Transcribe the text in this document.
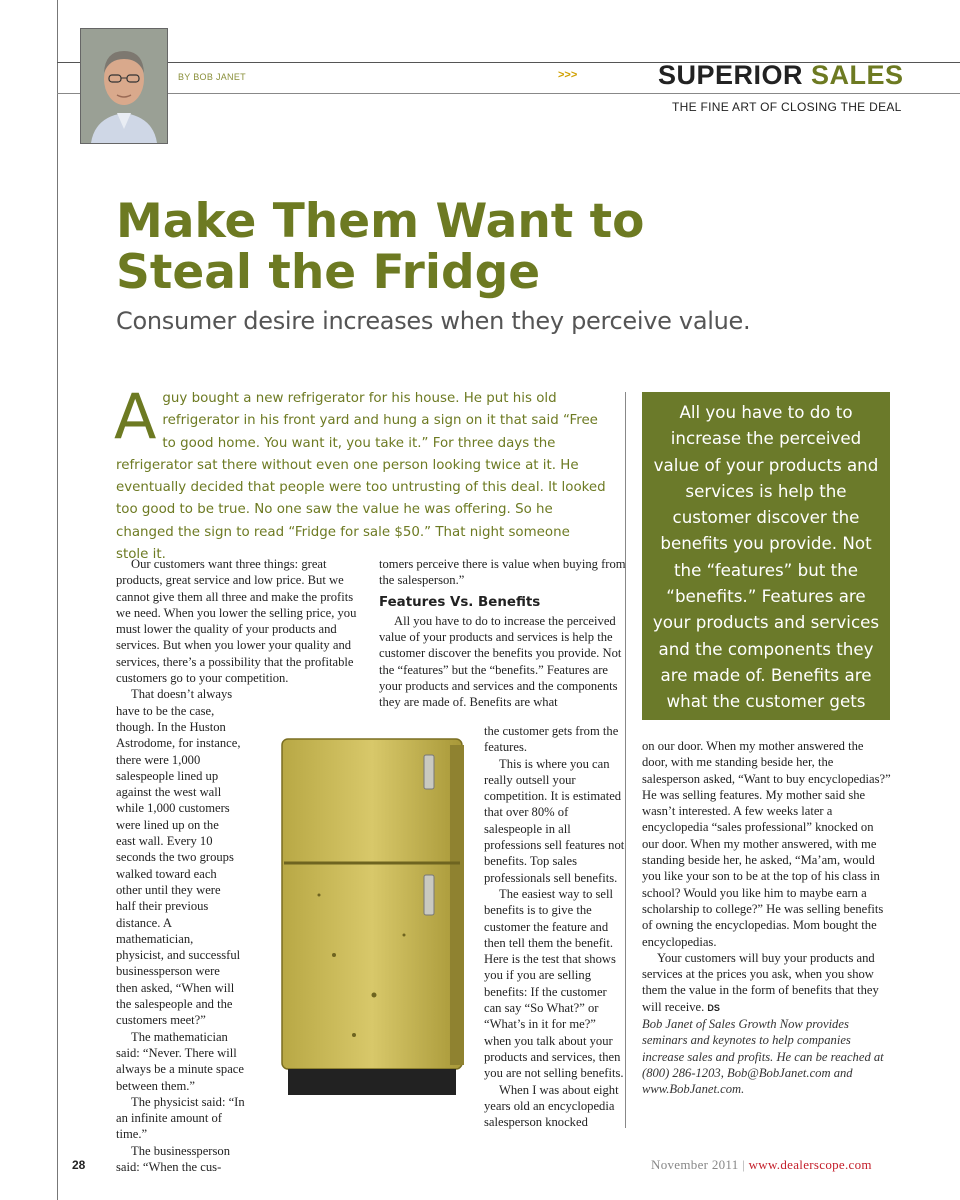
BY BOB JANET	>>>	SUPERIOR SALES
THE FINE ART OF CLOSING THE DEAL
Make Them Want to
Steal the Fridge
Consumer desire increases when they perceive value.
A guy bought a new refrigerator for his house. He put his old refrigerator in his front yard and hung a sign on it that said “Free to good home. You want it, you take it.” For three days the refrigerator sat there without even one person looking twice at it. He eventually decided that people were too untrusting of this deal. It looked too good to be true. No one saw the value he was offering. So he changed the sign to read “Fridge for sale $50.” That night someone stole it.
All you have to do to increase the perceived value of your products and services is help the customer discover the benefits you provide. Not the “features” but the “benefits.” Features are your products and services and the components they are made of. Benefits are what the customer gets from the features.

Our customers want three things: great products, great service and low price. But we cannot give them all three and make the profits we need. When you lower the selling price, you must lower the quality of your products and services. But when you lower your quality and services, there’s a possibility that the profitable customers go to your competition.

That doesn’t always have to be the case, though. In the Huston Astrodome, for instance, there were 1,000 salespeople lined up against the west wall while 1,000 customers were lined up on the east wall. Every 10 seconds the two groups walked toward each other until they were half their previous distance. A mathematician, physicist, and successful businessperson were then asked, “When will the salespeople and the customers meet?”

The mathematician said: “Never. There will always be a minute space between them.”

The physicist said: “In an infinite amount of time.”

The businessperson said: “When the cus-

tomers perceive there is value when buying from the salesperson.”

Features Vs. Benefits

All you have to do to increase the perceived value of your products and services is help the customer discover the benefits you provide. Not the “features” but the “benefits.” Features are your products and services and the components they are made of. Benefits are what

the customer gets from the features.

This is where you can really outsell your competition. It is estimated that over 80% of salespeople in all professions sell features not benefits. Top sales professionals sell benefits.

The easiest way to sell benefits is to give the customer the feature and then tell them the benefit. Here is the test that shows you if you are selling benefits: If the customer can say “So What?” or “What’s in it for me?” when you talk about your products and services, then you are not selling benefits.

When I was about eight years old an encyclopedia salesperson knocked

on our door. When my mother answered the door, with me standing beside her, the salesperson asked, “Want to buy encyclopedias?” He was selling features. My mother said she wasn’t interested. A few weeks later a encyclopedia “sales professional” knocked on our door. When my mother answered, with me standing beside her, he asked, “Ma’am, would you like your son to be at the top of his class in school? Would you like him to maybe earn a scholarship to college?” He was selling benefits of owning the encyclopedias. Mom bought the encyclopedias.

Your customers will buy your products and services at the prices you ask, when you show them the value in the form of benefits that they will receive. DS

Bob Janet of Sales Growth Now provides seminars and keynotes to help companies increase sales and profits. He can be reached at (800) 286-1203, Bob@BobJanet.com and www.BobJanet.com.

28	November 2011 | www.dealerscope.com
